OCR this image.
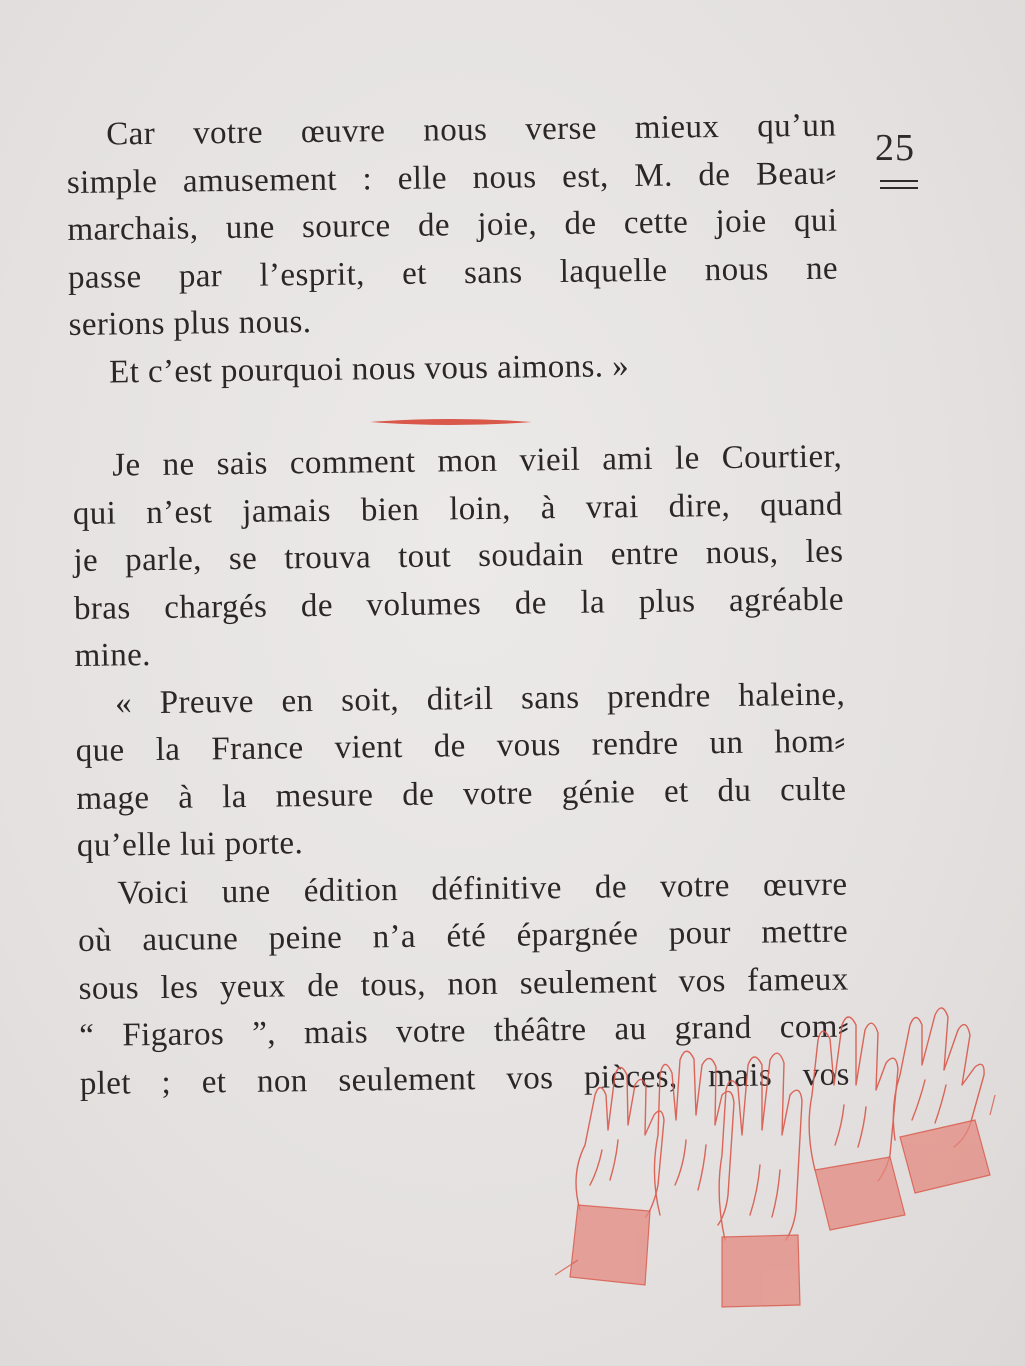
25
Car votre œuvre nous verse mieux qu’un
simple amusement : elle nous est, M. de Beau⸗
marchais, une source de joie, de cette joie qui
passe par l’esprit, et sans laquelle nous ne
serions plus nous.
Et c’est pourquoi nous vous aimons. »
Je ne sais comment mon vieil ami le Courtier,
qui n’est jamais bien loin, à vrai dire, quand
je parle, se trouva tout soudain entre nous, les
bras chargés de volumes de la plus agréable
mine.
« Preuve en soit, dit⸗il sans prendre haleine,
que la France vient de vous rendre un hom⸗
mage à la mesure de votre génie et du culte
qu’elle lui porte.
Voici une édition définitive de votre œuvre
où aucune peine n’a été épargnée pour mettre
sous les yeux de tous, non seulement vos fameux
“ Figaros ”, mais votre théâtre au grand com⸗
plet ; et non seulement vos pièces, mais vos
